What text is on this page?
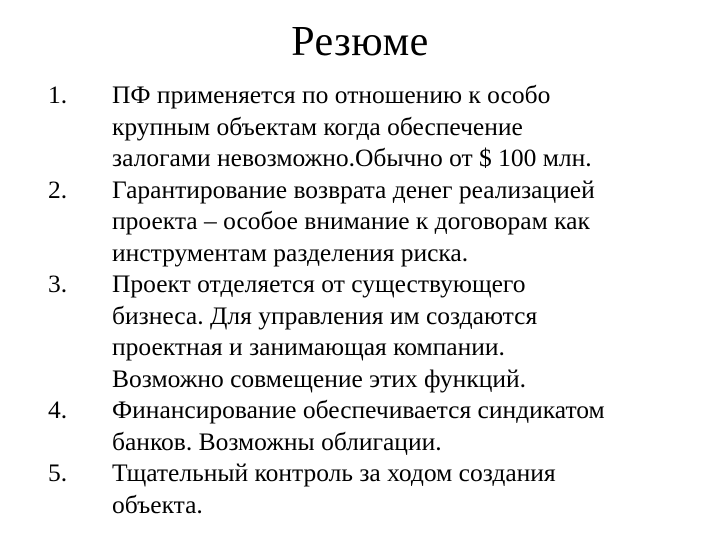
Резюме
1.	ПФ применяется по отношению к особо
крупным объектам когда обеспечение
залогами невозможно.Обычно от $ 100 млн.
2.	Гарантирование возврата денег реализацией
проекта – особое внимание к договорам как
инструментам разделения риска.
3.	Проект отделяется от существующего
бизнеса. Для управления им создаются
проектная и занимающая компании.
Возможно совмещение этих функций.
4.	Финансирование обеспечивается синдикатом
банков. Возможны облигации.
5.	Тщательный контроль за ходом создания
объекта.
